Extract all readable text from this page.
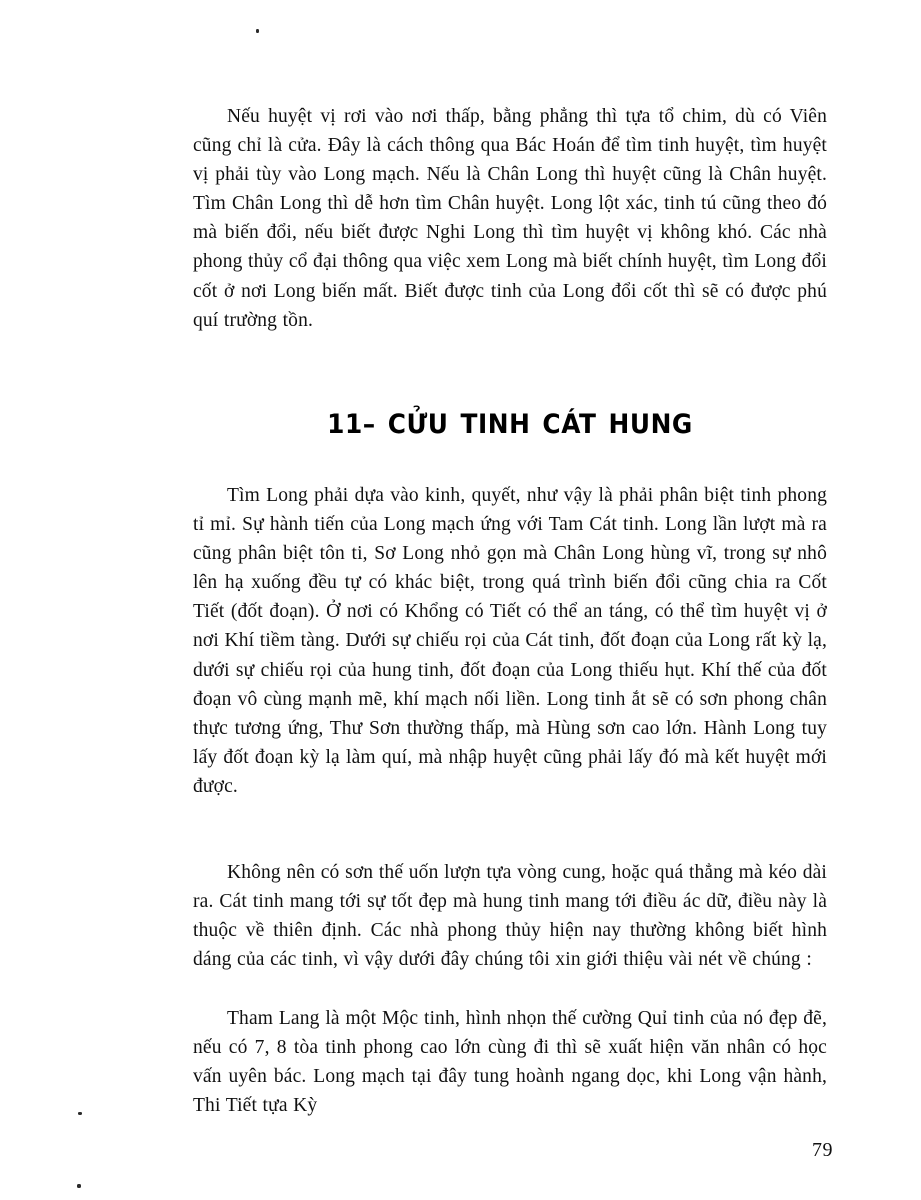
Nếu huyệt vị rơi vào nơi thấp, bằng phẳng thì tựa tổ chim, dù có Viên cũng chỉ là cửa. Đây là cách thông qua Bác Hoán để tìm tinh huyệt, tìm huyệt vị phải tùy vào Long mạch. Nếu là Chân Long thì huyệt cũng là Chân huyệt. Tìm Chân Long thì dễ hơn tìm Chân huyệt. Long lột xác, tinh tú cũng theo đó mà biến đổi, nếu biết được Nghi Long thì tìm huyệt vị không khó. Các nhà phong thủy cổ đại thông qua việc xem Long mà biết chính huyệt, tìm Long đổi cốt ở nơi Long biến mất. Biết được tinh của Long đổi cốt thì sẽ có được phú quí trường tồn.

11– CỬU TINH CÁT HUNG

Tìm Long phải dựa vào kinh, quyết, như vậy là phải phân biệt tinh phong tỉ mỉ. Sự hành tiến của Long mạch ứng với Tam Cát tinh. Long lần lượt mà ra cũng phân biệt tôn ti, Sơ Long nhỏ gọn mà Chân Long hùng vĩ, trong sự nhô lên hạ xuống đều tự có khác biệt, trong quá trình biến đổi cũng chia ra Cốt Tiết (đốt đoạn). Ở nơi có Khổng có Tiết có thể an táng, có thể tìm huyệt vị ở nơi Khí tiềm tàng. Dưới sự chiếu rọi của Cát tinh, đốt đoạn của Long rất kỳ lạ, dưới sự chiếu rọi của hung tinh, đốt đoạn của Long thiếu hụt. Khí thế của đốt đoạn vô cùng mạnh mẽ, khí mạch nối liền. Long tinh ắt sẽ có sơn phong chân thực tương ứng, Thư Sơn thường thấp, mà Hùng sơn cao lớn. Hành Long tuy lấy đốt đoạn kỳ lạ làm quí, mà nhập huyệt cũng phải lấy đó mà kết huyệt mới được.

Không nên có sơn thế uốn lượn tựa vòng cung, hoặc quá thẳng mà kéo dài ra. Cát tinh mang tới sự tốt đẹp mà hung tinh mang tới điều ác dữ, điều này là thuộc về thiên định. Các nhà phong thủy hiện nay thường không biết hình dáng của các tinh, vì vậy dưới đây chúng tôi xin giới thiệu vài nét về chúng :

Tham Lang là một Mộc tinh, hình nhọn thế cường Quỉ tinh của nó đẹp đẽ, nếu có 7, 8 tòa tinh phong cao lớn cùng đi thì sẽ xuất hiện văn nhân có học vấn uyên bác. Long mạch tại đây tung hoành ngang dọc, khi Long vận hành, Thi Tiết tựa Kỳ

79
